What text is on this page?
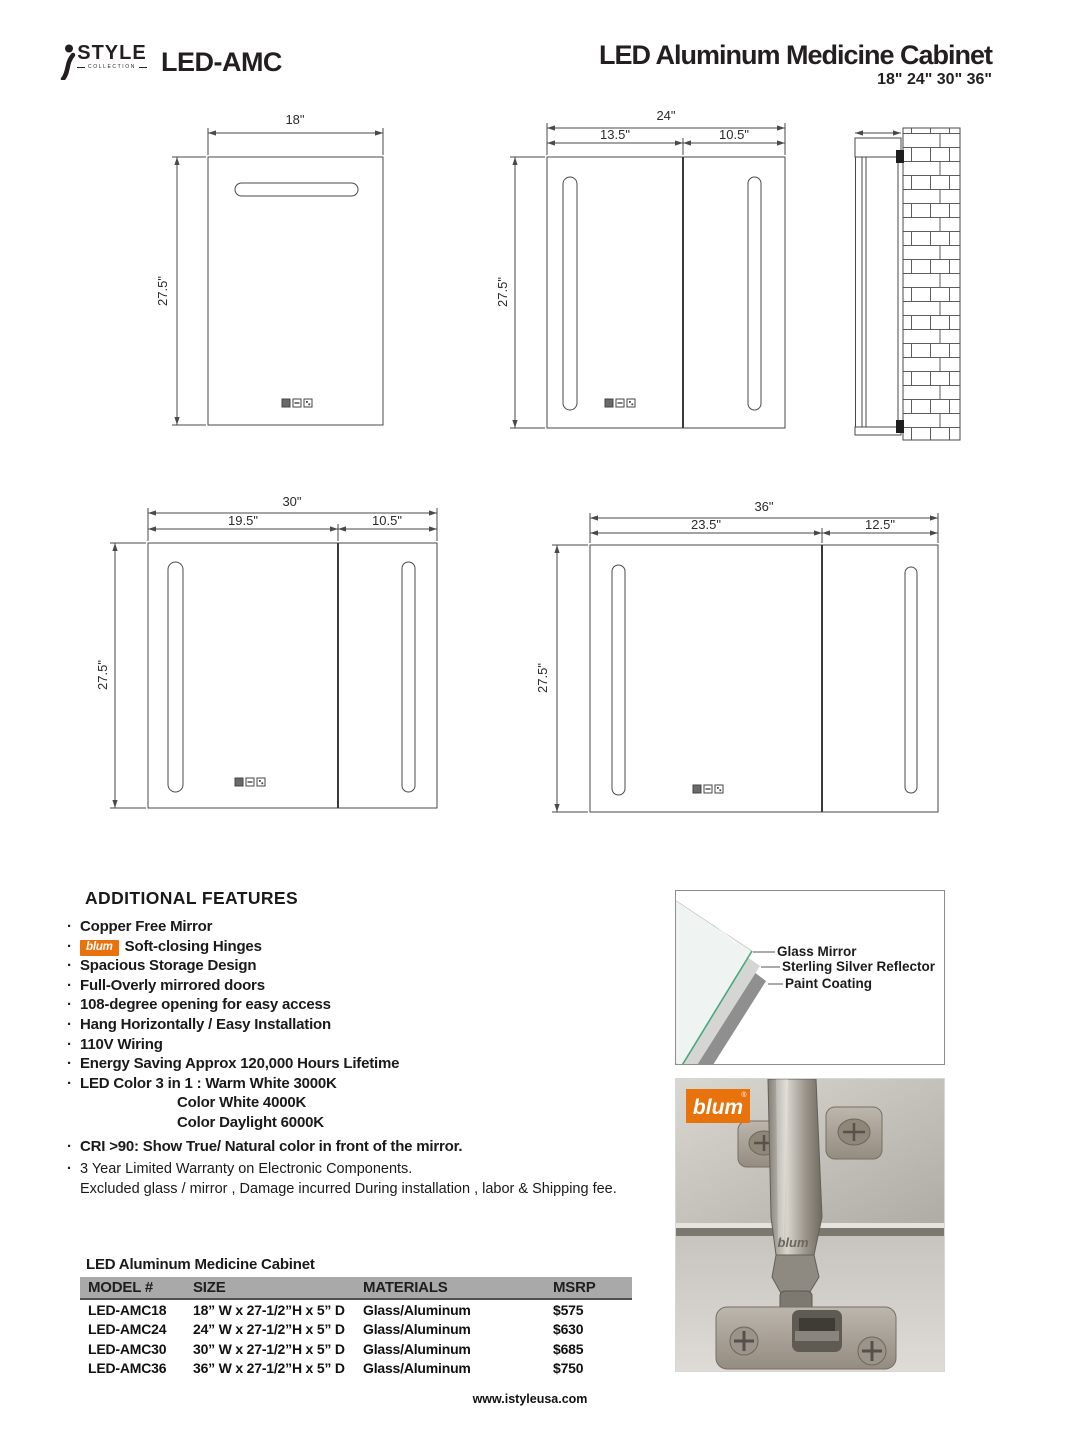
STYLE
COLLECTION LED-AMC	LED Aluminum Medicine Cabinet
18" 24" 30" 36"
18"
27.5"
24"
13.5"	10.5"
27.5"
30"
19.5"	10.5"
27.5"
36"
23.5"	12.5"
27.5"
ADDITIONAL FEATURES
· Copper Free Mirror
· blum Soft-closing Hinges
· Spacious Storage Design
· Full-Overly mirrored doors
· 108-degree opening for easy access
· Hang Horizontally / Easy Installation
· 110V Wiring
· Energy Saving Approx 120,000 Hours Lifetime
· LED Color 3 in 1 : Warm White 3000K
Color White 4000K
Color Daylight 6000K
· CRI >90: Show True/ Natural color in front of the mirror.
· 3 Year Limited Warranty on Electronic Components.
Excluded glass / mirror , Damage incurred During installation , labor & Shipping fee.
Glass Mirror
Sterling Silver Reflector
Paint Coating
blum
blum
®
LED Aluminum Medicine Cabinet
MODEL #	SIZE	MATERIALS	MSRP
LED-AMC18	18” W x 27-1/2”H x 5” D	Glass/Aluminum	$575
LED-AMC24	24” W x 27-1/2”H x 5” D	Glass/Aluminum	$630
LED-AMC30	30” W x 27-1/2”H x 5” D	Glass/Aluminum	$685
LED-AMC36	36” W x 27-1/2”H x 5” D	Glass/Aluminum	$750
www.istyleusa.com
